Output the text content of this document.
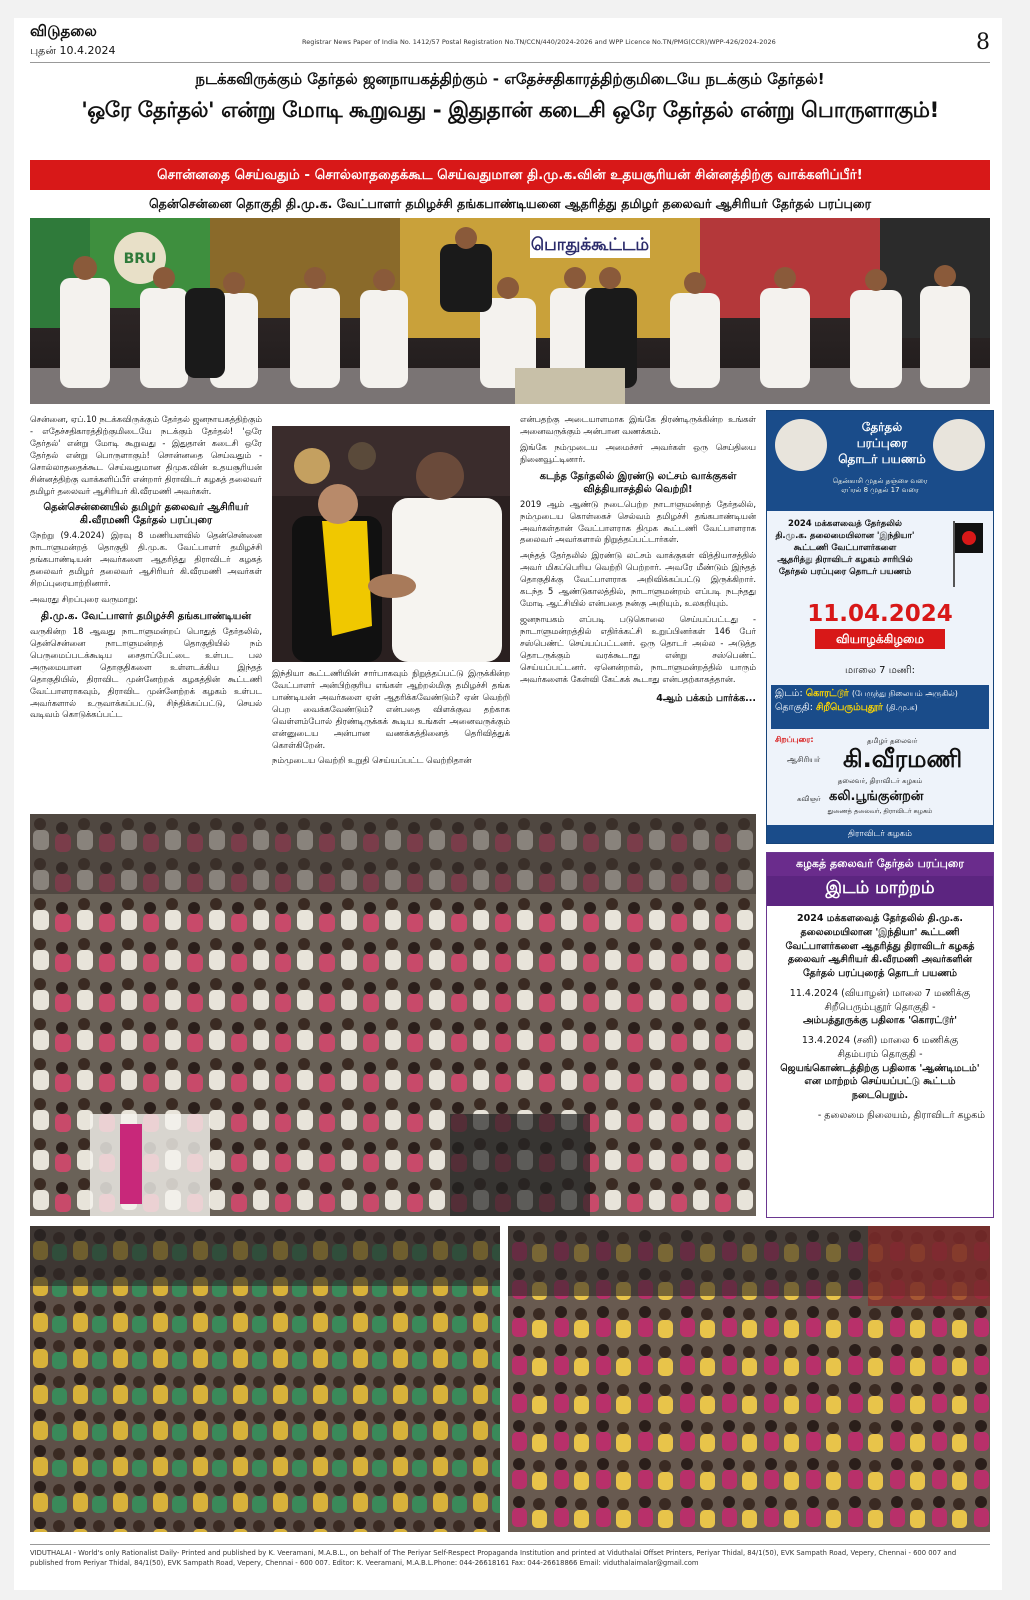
விடுதலை
புதன் 10.4.2024
Registrar News Paper of India No. 1412/57 Postal Registration No.TN/CCN/440/2024-2026 and WPP Licence No.TN/PMG(CCR)/WPP-426/2024-2026	8
நடக்கவிருக்கும் தேர்தல் ஜனநாயகத்திற்கும் - எதேச்சதிகாரத்திற்குமிடையே நடக்கும் தேர்தல்!
'ஒரே தேர்தல்' என்று மோடி கூறுவது - இதுதான் கடைசி ஒரே தேர்தல் என்று பொருளாகும்!
சொன்னதை செய்வதும் - சொல்லாததைக்கூட செய்வதுமான தி.மு.க.வின் உதயசூரியன் சின்னத்திற்கு வாக்களிப்பீர்!
தென்சென்னை தொகுதி தி.மு.க. வேட்பாளர் தமிழச்சி தங்கபாண்டியனை ஆதரித்து தமிழர் தலைவர் ஆசிரியர் தேர்தல் பரப்புரை
பொதுக்கூட்டம்
BRU

சென்னை, ஏப்.10 நடக்கவிருக்கும் தேர்தல் ஜனநாயகத்திற்கும் - எதேச்சதிகாரத்திற்குமிடையே நடக்கும் தேர்தல்! 'ஒரே தேர்தல்' என்று மோடி கூறுவது - இதுதான் கடைசி ஒரே தேர்தல் என்று பொருளாகும்! சொன்னதை செய்வதும் - சொல்லாததைக்கூட செய்வதுமான திமுக.வின் உதயசூரியன் சின்னத்திற்கு வாக்களிப்பீர் என்றார் திராவிடர் கழகத் தலைவர் தமிழர் தலைவர் ஆசிரியர் கி.வீரமணி அவர்கள்.

தென்சென்னையில் தமிழர் தலைவர் ஆசிரியர் கி.வீரமணி தேர்தல் பரப்புரை

நேற்று (9.4.2024) இரவு 8 மணியளவில் தென்சென்னை நாடாளுமன்றத் தொகுதி தி.மு.க. வேட்பாளர் தமிழச்சி தங்கபாண்டியன் அவர்களை ஆதரித்து திராவிடர் கழகத் தலைவர் தமிழர் தலைவர் ஆசிரியர் கி.வீரமணி அவர்கள் சிறப்புரையாற்றினார்.

அவரது சிறப்புரை வருமாறு:

தி.மு.க. வேட்பாளர் தமிழச்சி தங்கபாண்டியன்

வருகின்ற 18 ஆவது நாடாளுமன்றப் பொதுத் தேர்தலில், தென்சென்னை நாடாளுமன்றத் தொகுதியில் நம் பெருமைப்படக்கூடிய சைதாப்பேட்டை உள்பட பல அருமையான தொகுதிகளை உள்ளடக்கிய இந்தத் தொகுதியில், திராவிட முன்னேற்றக் கழகத்தின் கூட்டணி வேட்பாளராகவும், திராவிட முன்னேற்றக் கழகம் உள்பட அவர்களால் உருவாக்கப்பட்டு, சிந்திக்கப்பட்டு, செயல் வடிவம் கொடுக்கப்பட்ட

இந்தியா கூட்டணியின் சார்பாகவும் நிறுத்தப்பட்டு இருக்கின்ற வேட்பாளர் அன்பிற்குரிய எங்கள் ஆற்றல்மிகு தமிழச்சி தங்க பாண்டியன் அவர்களை ஏன் ஆதரிக்கவேண்டும்? ஏன் வெற்றி பெற வைக்கவேண்டும்? என்பதை விளக்குவ தற்காக வெள்ளம்போல் திரண்டிருக்கக் கூடிய உங்கள் அனைவருக்கும் என்னுடைய அன்பான வணக்கத்தினைத் தெரிவித்துக் கொள்கிறேன்.

நம்முடைய வெற்றி உறுதி செய்யப்பட்ட வெற்றிதான்

என்பதற்கு அடையாளமாக இங்கே திரண்டிருக்கின்ற உங்கள் அனைவருக்கும் அன்பான வணக்கம்.

இங்கே நம்முடைய அமைச்சர் அவர்கள் ஒரு செய்தியை நினைவூட்டினார்.

கடந்த தேர்தலில் இரண்டு லட்சம் வாக்குகள் வித்தியாசத்தில் வெற்றி!

2019 ஆம் ஆண்டு நடைபெற்ற நாடாளுமன்றத் தேர்தலில், நம்முடைய கொள்கைச் செல்வம் தமிழச்சி தங்கபாண்டியன் அவர்கள்தான் வேட்பாளராக திமுக கூட்டணி வேட்பாளராக தலைவர் அவர்களால் நிறுத்தப்பட்டார்கள்.

அந்தத் தேர்தலில் இரண்டு லட்சம் வாக்குகள் வித்தியாசத்தில் அவர் மிகப்பெரிய வெற்றி பெற்றார். அவரே மீண்டும் இந்தத் தொகுதிக்கு வேட்பாளராக அறிவிக்கப்பட்டு இருக்கிறார். கடந்த 5 ஆண்டுகாலத்தில், நாடாளுமன்றம் எப்படி நடந்தது மோடி ஆட்சியில் என்பதை நன்கு அறியும், உலகறியும்.

ஜனநாயகம் எப்படி படுகொலை செய்யப்பட்டது - நாடாளுமன்றத்தில் எதிர்க்கட்சி உறுப்பினர்கள் 146 பேர் சஸ்பெண்ட் செய்யப்பட்டனர். ஒரு தொடர் அல்ல - அடுத்த தொடருக்கும் வரக்கூடாது என்று சஸ்பெண்ட் செய்யப்பட்டனர். ஏனென்றால், நாடாளுமன்றத்தில் யாரும் அவர்களைக் கேள்வி கேட்கக் கூடாது என்பதற்காகத்தான்.

4ஆம் பக்கம் பார்க்க...
தேர்தல் பரப்புரை தொடர் பயணம்
தென்காசி முதல் தஞ்சை வரை
ஏப்ரல் 8 முதல் 17 வரை
2024 மக்களவைத் தேர்தலில் தி.மு.க. தலைமையிலான 'இந்தியா' கூட்டணி வேட்பாளர்களை ஆதரித்து திராவிடர் கழகம் சாரிபில் தேர்தல் பரப்புரை தொடர் பயணம்
11.04.2024
வியாழக்கிழமை
மாலை 7 மணி:
இடம்: கொரட்டூர் (பேருந்து நிலையம் அருகில்)
தொகுதி: சிறீபெரும்புதூர் (தி.மு.க)
சிறப்புரை:	தமிழர் தலைவர்
ஆசிரியர் கி.வீரமணி
தலைவர், திராவிடர் கழகம்
கவிஞர் கலி.பூங்குன்றன்
துணைத் தலைவர், திராவிடர் கழகம்
திராவிடர் கழகம்
கழகத் தலைவர் தேர்தல் பரப்புரை
இடம் மாற்றம்

2024 மக்களவைத் தேர்தலில் தி.மு.க. தலைமையிலான 'இந்தியா' கூட்டணி வேட்பாளர்களை ஆதரித்து திராவிடர் கழகத் தலைவர் ஆசிரியர் கி.வீரமணி அவர்களின் தேர்தல் பரப்புரைத் தொடர் பயணம்

11.4.2024 (வியாழன்) மாலை 7 மணிக்கு

சிறீபெரும்புதூர் தொகுதி -

அம்பத்தூருக்கு பதிலாக 'கொரட்டூர்'

13.4.2024 (சனி) மாலை 6 மணிக்கு

சிதம்பரம் தொகுதி -

ஜெயங்கொண்டத்திற்கு பதிலாக 'ஆண்டிமடம்' என மாற்றம் செய்யப்பட்டு கூட்டம் நடைபெறும்.

- தலைமை நிலையம், திராவிடர் கழகம்

VIDUTHALAI - World's only Rationalist Daily- Printed and published by K. Veeramani, M.A.B.L., on behalf of The Periyar Self-Respect Propaganda Institution and printed at Viduthalai Offset Printers, Periyar Thidal, 84/1(50), EVK Sampath Road, Vepery, Chennai - 600 007 and published from Periyar Thidal, 84/1(50), EVK Sampath Road, Vepery, Chennai - 600 007. Editor: K. Veeramani, M.A.B.L.Phone: 044-26618161 Fax: 044-26618866 Email: viduthalaimalar@gmail.com
